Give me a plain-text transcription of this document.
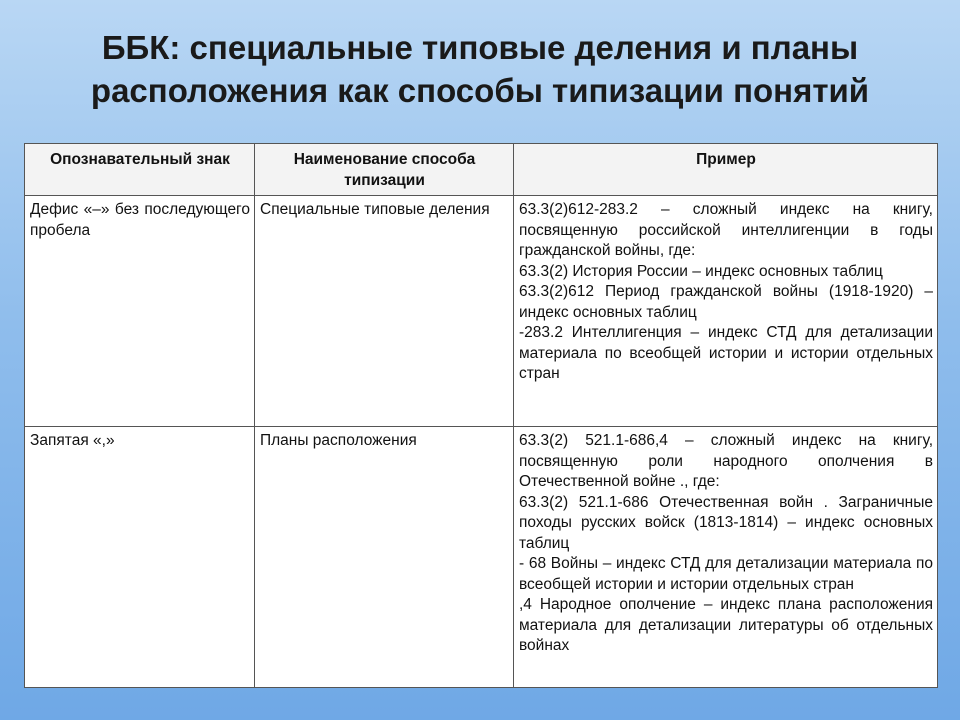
ББК: специальные типовые деления и планы
расположения как способы типизации понятий
Опознавательный знак	Наименование способа типизации	Пример
Дефис «–» без последующего пробела	Специальные типовые деления	63.3(2)612-283.2 – сложный индекс на книгу, посвященную российской интеллигенции в годы гражданской войны, где:
63.3(2) История России – индекс основных таблиц
63.3(2)612 Период гражданской войны (1918-1920) – индекс основных таблиц
-283.2 Интеллигенция – индекс СТД для детализации материала по всеобщей истории и истории отдельных стран

Запятая «,»	Планы расположения	63.3(2) 521.1-686,4 – сложный индекс на книгу, посвященную роли народного ополчения в Отечественной войне ., где:
63.3(2) 521.1-686 Отечественная войн . Заграничные походы русских войск (1813-1814) – индекс основных таблиц
- 68 Войны – индекс СТД для детализации материала по всеобщей истории и истории отдельных стран
,4 Народное ополчение – индекс плана расположения материала для детализации литературы об отдельных войнах
